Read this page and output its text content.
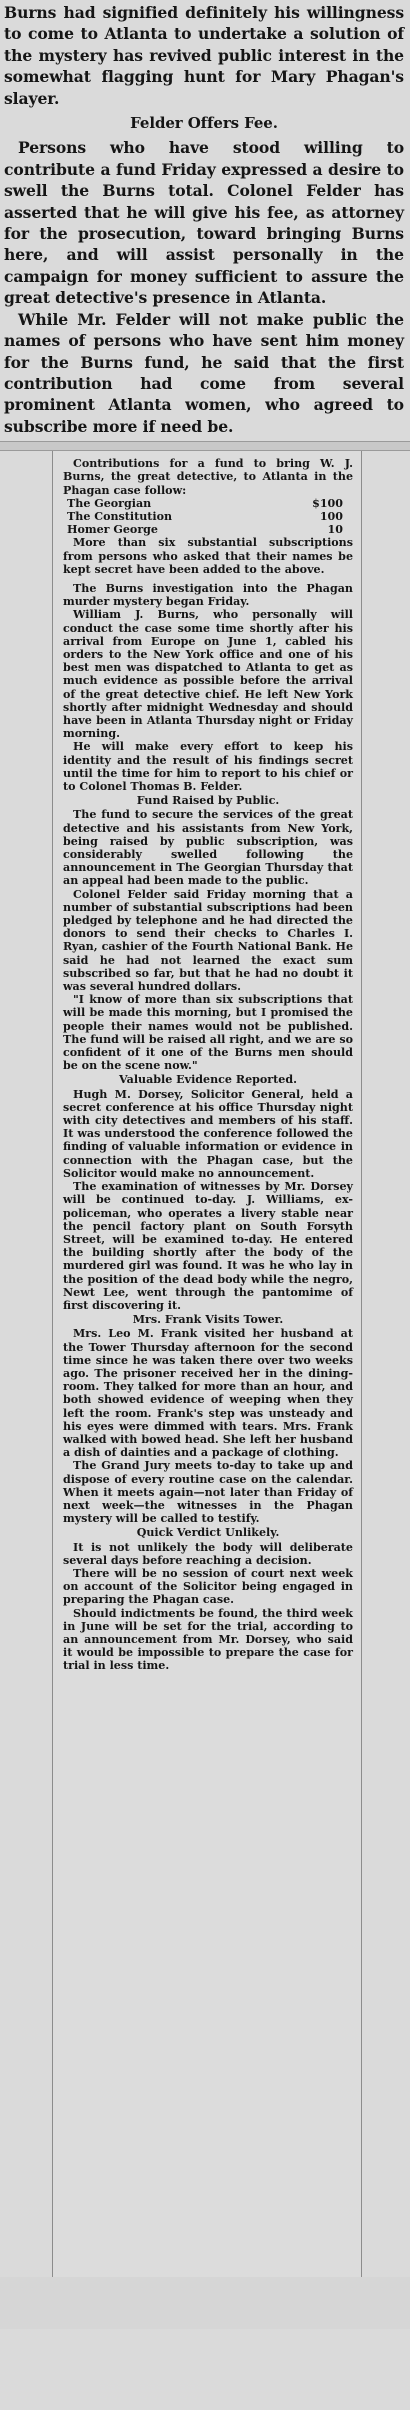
Burns had signified definitely his willingness to come to Atlanta to undertake a solution of the mystery has revived public interest in the somewhat flagging hunt for Mary Phagan's slayer.

Felder Offers Fee.

Persons who have stood willing to contribute a fund Friday expressed a desire to swell the Burns total. Colonel Felder has asserted that he will give his fee, as attorney for the prosecution, toward bringing Burns here, and will assist personally in the campaign for money sufficient to assure the great detective's presence in Atlanta.

While Mr. Felder will not make public the names of persons who have sent him money for the Burns fund, he said that the first contribution had come from several prominent Atlanta women, who agreed to subscribe more if need be.

Contributions for a fund to bring W. J. Burns, the great detective, to Atlanta in the Phagan case follow:

The Georgian	$100
The Constitution	100
Homer George	10

More than six substantial subscriptions from persons who asked that their names be kept secret have been added to the above.

The Burns investigation into the Phagan murder mystery began Friday.

William J. Burns, who personally will conduct the case some time shortly after his arrival from Europe on June 1, cabled his orders to the New York office and one of his best men was dispatched to Atlanta to get as much evidence as possible before the arrival of the great detective chief. He left New York shortly after midnight Wednesday and should have been in Atlanta Thursday night or Friday morning.

He will make every effort to keep his identity and the result of his findings secret until the time for him to report to his chief or to Colonel Thomas B. Felder.

Fund Raised by Public.

The fund to secure the services of the great detective and his assistants from New York, being raised by public subscription, was considerably swelled following the announcement in The Georgian Thursday that an appeal had been made to the public.

Colonel Felder said Friday morning that a number of substantial subscriptions had been pledged by telephone and he had directed the donors to send their checks to Charles I. Ryan, cashier of the Fourth National Bank. He said he had not learned the exact sum subscribed so far, but that he had no doubt it was several hundred dollars.

"I know of more than six subscriptions that will be made this morning, but I promised the people their names would not be published. The fund will be raised all right, and we are so confident of it one of the Burns men should be on the scene now."

Valuable Evidence Reported.

Hugh M. Dorsey, Solicitor General, held a secret conference at his office Thursday night with city detectives and members of his staff. It was understood the conference followed the finding of valuable information or evidence in connection with the Phagan case, but the Solicitor would make no announcement.

The examination of witnesses by Mr. Dorsey will be continued to-day. J. Williams, ex-policeman, who operates a livery stable near the pencil factory plant on South Forsyth Street, will be examined to-day. He entered the building shortly after the body of the murdered girl was found. It was he who lay in the position of the dead body while the negro, Newt Lee, went through the pantomime of first discovering it.

Mrs. Frank Visits Tower.

Mrs. Leo M. Frank visited her husband at the Tower Thursday afternoon for the second time since he was taken there over two weeks ago. The prisoner received her in the dining-room. They talked for more than an hour, and both showed evidence of weeping when they left the room. Frank's step was unsteady and his eyes were dimmed with tears. Mrs. Frank walked with bowed head. She left her husband a dish of dainties and a package of clothing.

The Grand Jury meets to-day to take up and dispose of every routine case on the calendar. When it meets again—not later than Friday of next week—the witnesses in the Phagan mystery will be called to testify.

Quick Verdict Unlikely.

It is not unlikely the body will deliberate several days before reaching a decision.

There will be no session of court next week on account of the Solicitor being engaged in preparing the Phagan case.

Should indictments be found, the third week in June will be set for the trial, according to an announcement from Mr. Dorsey, who said it would be impossible to prepare the case for trial in less time.
